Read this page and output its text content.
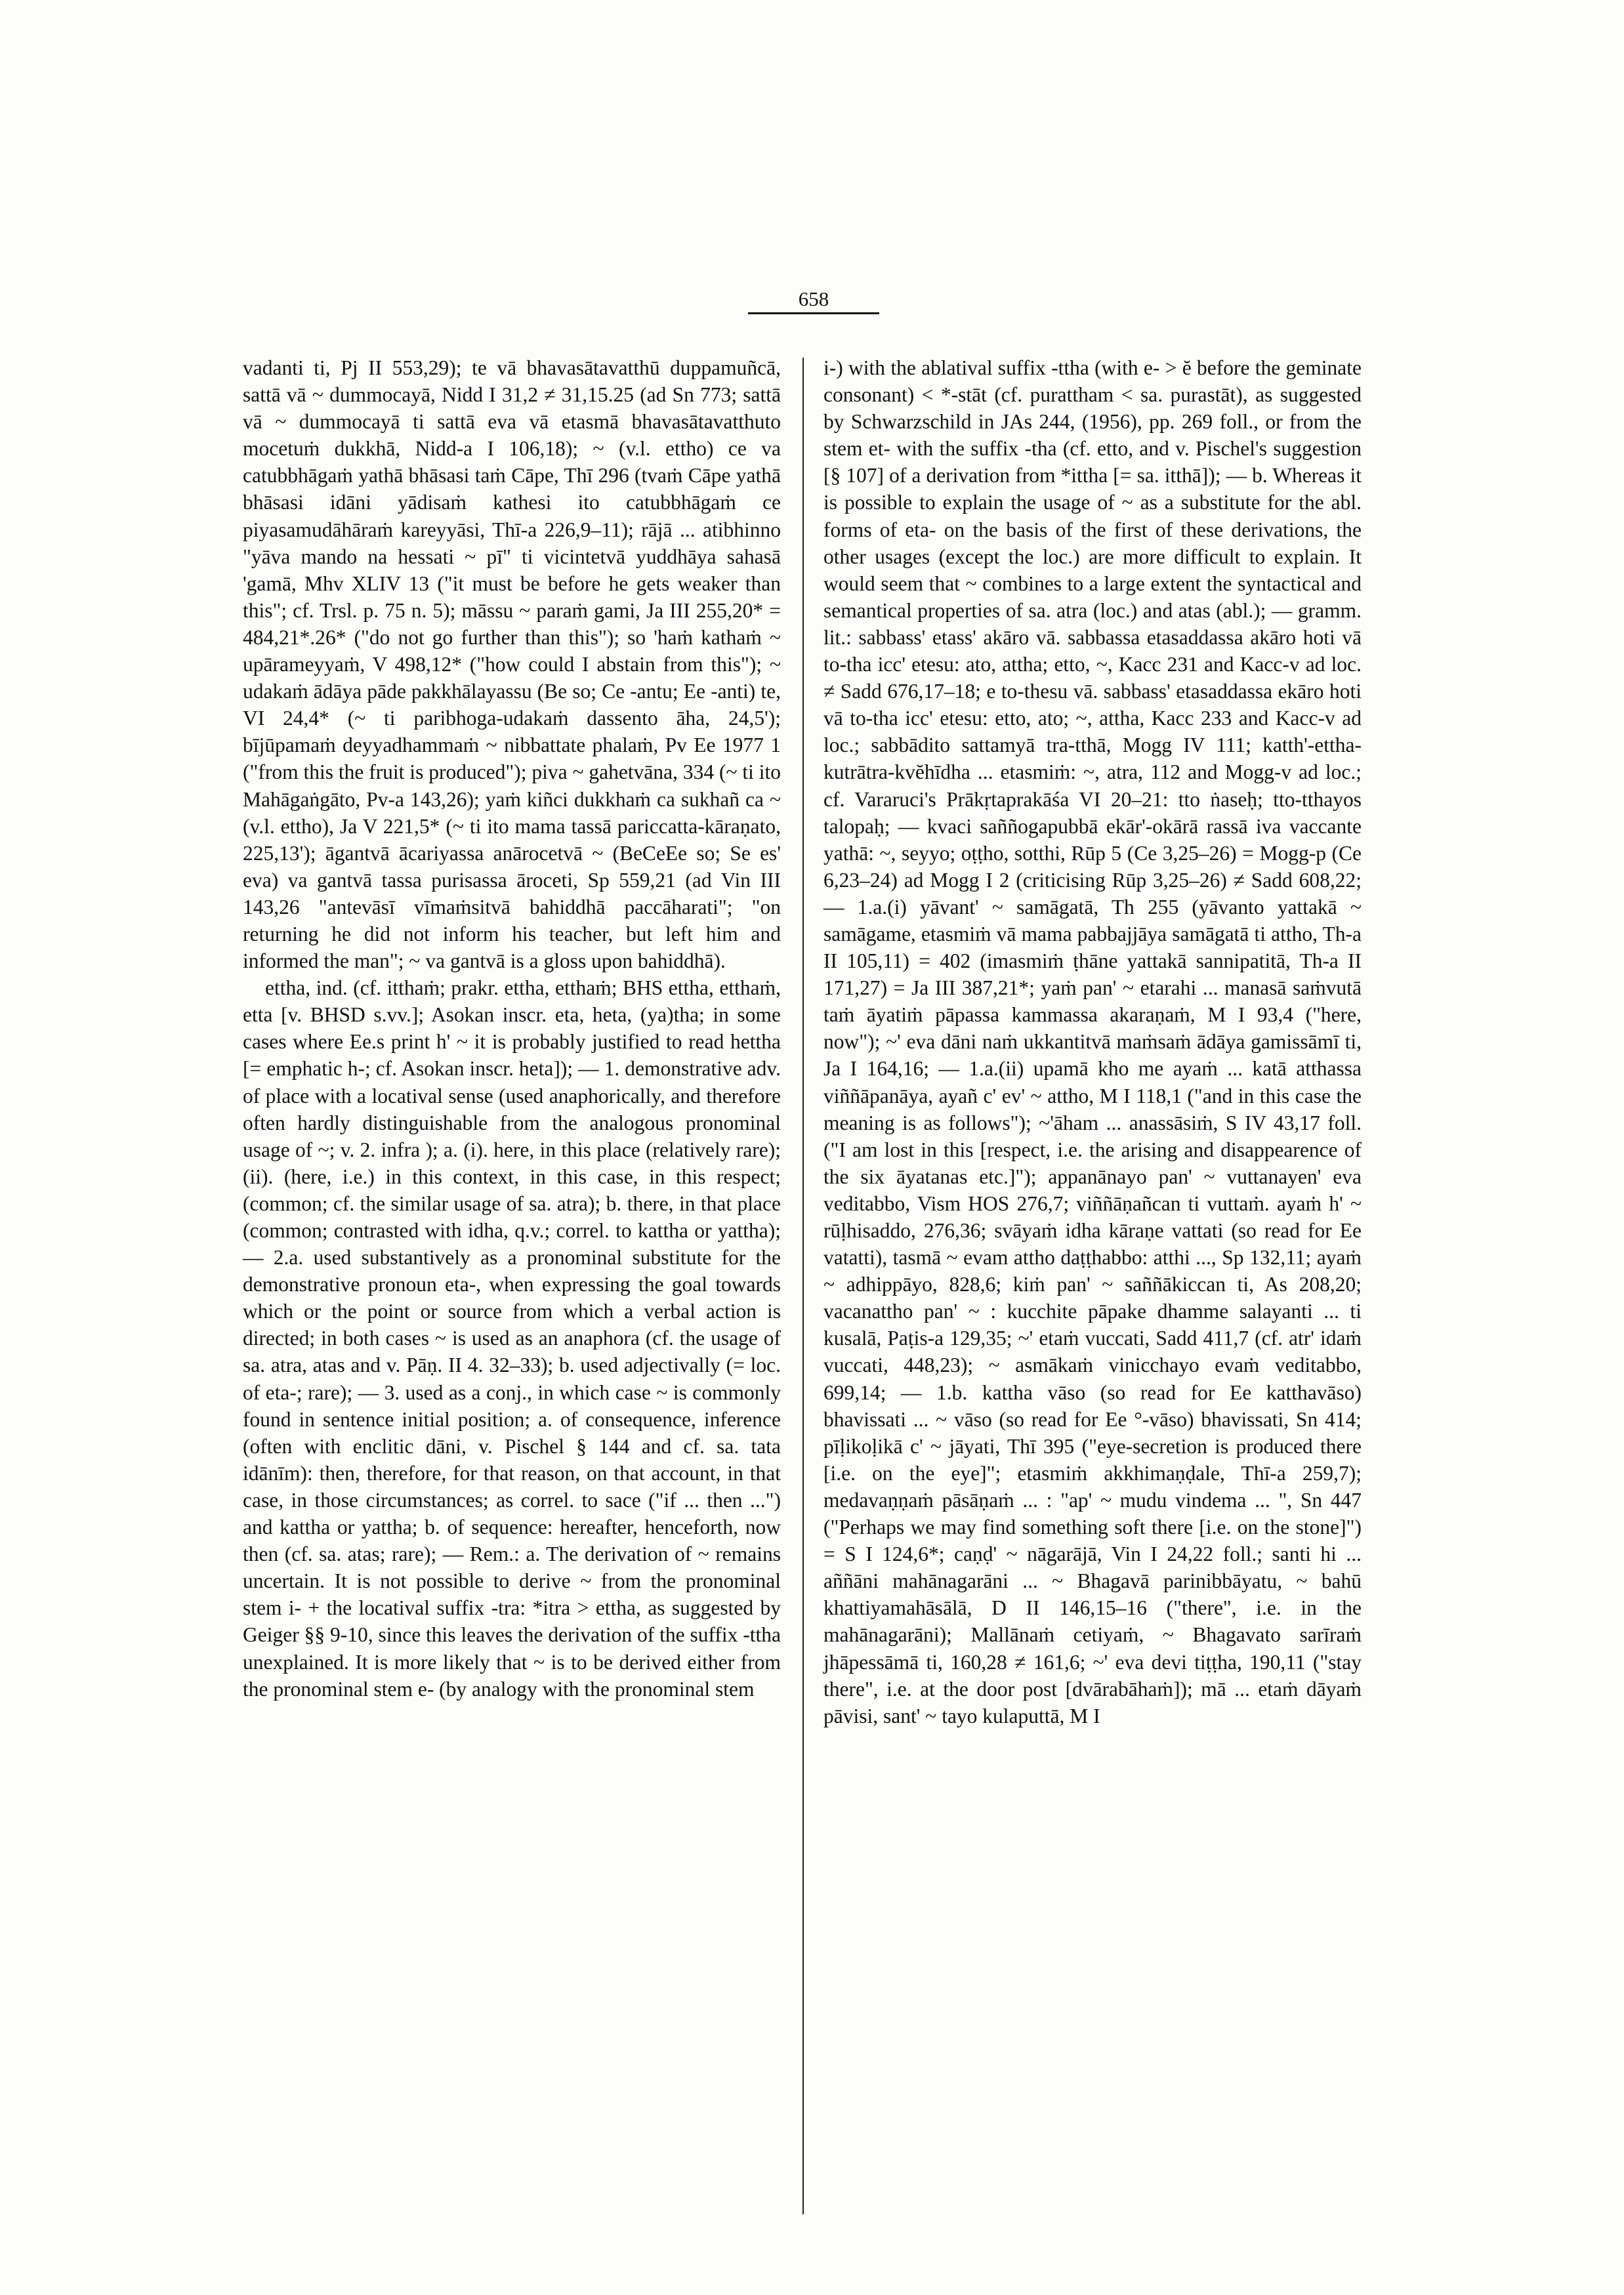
658

vadanti ti, Pj II 553,29); te vā bhavasātavatthū duppamuñcā, sattā vā ~ dummocayā, Nidd I 31,2 ≠ 31,15.25 (ad Sn 773; sattā vā ~ dummocayā ti sattā eva vā etasmā bhavasātavatthuto mocetuṁ dukkhā, Nidd-a I 106,18); ~ (v.l. ettho) ce va catubbhāgaṁ yathā bhāsasi taṁ Cāpe, Thī 296 (tvaṁ Cāpe yathā bhāsasi idāni yādisaṁ kathesi ito catubbhāgaṁ ce piyasamudāhāraṁ kareyyāsi, Thī-a 226,9–11); rājā ... atibhinno "yāva mando na hessati ~ pī" ti vicintetvā yuddhāya sahasā 'gamā, Mhv XLIV 13 ("it must be before he gets weaker than this"; cf. Trsl. p. 75 n. 5); māssu ~ paraṁ gami, Ja III 255,20* = 484,21*.26* ("do not go further than this"); so 'haṁ kathaṁ ~ upārameyyaṁ, V 498,12* ("how could I abstain from this"); ~ udakaṁ ādāya pāde pakkhālayassu (Be so; Ce -antu; Ee -anti) te, VI 24,4* (~ ti paribhoga-udakaṁ dassento āha, 24,5'); bījūpamaṁ deyyadhammaṁ ~ nibbattate phalaṁ, Pv Ee 1977 1 ("from this the fruit is produced"); piva ~ gahetvāna, 334 (~ ti ito Mahāgaṅgāto, Pv-a 143,26); yaṁ kiñci dukkhaṁ ca sukhañ ca ~ (v.l. ettho), Ja V 221,5* (~ ti ito mama tassā pariccatta-kāraṇato, 225,13'); āgantvā ācariyassa anārocetvā ~ (BeCeEe so; Se es' eva) va gantvā tassa purisassa āroceti, Sp 559,21 (ad Vin III 143,26 "antevāsī vīmaṁsitvā bahiddhā paccāharati"; "on returning he did not inform his teacher, but left him and informed the man"; ~ va gantvā is a gloss upon bahiddhā).

ettha, ind. (cf. itthaṁ; prakr. ettha, etthaṁ; BHS ettha, etthaṁ, etta [v. BHSD s.vv.]; Asokan inscr. eta, heta, (ya)tha; in some cases where Ee.s print h' ~ it is probably justified to read hettha [= emphatic h-; cf. Asokan inscr. heta]); — 1. demonstrative adv. of place with a locatival sense (used anaphorically, and therefore often hardly distinguishable from the analogous pronominal usage of ~; v. 2. infra ); a. (i). here, in this place (relatively rare); (ii). (here, i.e.) in this context, in this case, in this respect; (common; cf. the similar usage of sa. atra); b. there, in that place (common; contrasted with idha, q.v.; correl. to kattha or yattha); — 2.a. used substantively as a pronominal substitute for the demonstrative pronoun eta-, when expressing the goal towards which or the point or source from which a verbal action is directed; in both cases ~ is used as an anaphora (cf. the usage of sa. atra, atas and v. Pāṇ. II 4. 32–33); b. used adjectivally (= loc. of eta-; rare); — 3. used as a conj., in which case ~ is commonly found in sentence initial position; a. of consequence, inference (often with enclitic dāni, v. Pischel § 144 and cf. sa. tata idānīm): then, therefore, for that reason, on that account, in that case, in those circumstances; as correl. to sace ("if ... then ...") and kattha or yattha; b. of sequence: hereafter, henceforth, now then (cf. sa. atas; rare); — Rem.: a. The derivation of ~ remains uncertain. It is not possible to derive ~ from the pronominal stem i- + the locatival suffix -tra: *itra > ettha, as suggested by Geiger §§ 9-10, since this leaves the derivation of the suffix -ttha unexplained. It is more likely that ~ is to be derived either from the pronominal stem e- (by analogy with the pronominal stem

i-) with the ablatival suffix -ttha (with e- > ĕ before the geminate consonant) < *-stāt (cf. purattham < sa. purastāt), as suggested by Schwarzschild in JAs 244, (1956), pp. 269 foll., or from the stem et- with the suffix -tha (cf. etto, and v. Pischel's suggestion [§ 107] of a derivation from *ittha [= sa. itthā]); — b. Whereas it is possible to explain the usage of ~ as a substitute for the abl. forms of eta- on the basis of the first of these derivations, the other usages (except the loc.) are more difficult to explain. It would seem that ~ combines to a large extent the syntactical and semantical properties of sa. atra (loc.) and atas (abl.); — gramm. lit.: sabbass' etass' akāro vā. sabbassa etasaddassa akāro hoti vā to-tha icc' etesu: ato, attha; etto, ~, Kacc 231 and Kacc-v ad loc. ≠ Sadd 676,17–18; e to-thesu vā. sabbass' etasaddassa ekāro hoti vā to-tha icc' etesu: etto, ato; ~, attha, Kacc 233 and Kacc-v ad loc.; sabbādito sattamyā tra-tthā, Mogg IV 111; katth'-ettha-kutrātra-kvĕhīdha ... etasmiṁ: ~, atra, 112 and Mogg-v ad loc.; cf. Vararuci's Prākṛtaprakāśa VI 20–21: tto ṅaseḥ; tto-tthayos talopaḥ; — kvaci saññogapubbā ekār'-okārā rassā iva vaccante yathā: ~, seyyo; oṭṭho, sotthi, Rūp 5 (Ce 3,25–26) = Mogg-p (Ce 6,23–24) ad Mogg I 2 (criticising Rūp 3,25–26) ≠ Sadd 608,22; — 1.a.(i) yāvant' ~ samāgatā, Th 255 (yāvanto yattakā ~ samāgame, etasmiṁ vā mama pabbajjāya samāgatā ti attho, Th-a II 105,11) = 402 (imasmiṁ ṭhāne yattakā sannipatitā, Th-a II 171,27) = Ja III 387,21*; yaṁ pan' ~ etarahi ... manasā saṁvutā taṁ āyatiṁ pāpassa kammassa akaraṇaṁ, M I 93,4 ("here, now"); ~' eva dāni naṁ ukkantitvā maṁsaṁ ādāya gamissāmī ti, Ja I 164,16; — 1.a.(ii) upamā kho me ayaṁ ... katā atthassa viññāpanāya, ayañ c' ev' ~ attho, M I 118,1 ("and in this case the meaning is as follows"); ~'āham ... anassāsiṁ, S IV 43,17 foll. ("I am lost in this [respect, i.e. the arising and disappearence of the six āyatanas etc.]"); appanānayo pan' ~ vuttanayen' eva veditabbo, Vism HOS 276,7; viññāṇañcan ti vuttaṁ. ayaṁ h' ~ rūḷhisaddo, 276,36; svāyaṁ idha kāraṇe vattati (so read for Ee vatatti), tasmā ~ evam attho daṭṭhabbo: atthi ..., Sp 132,11; ayaṁ ~ adhippāyo, 828,6; kiṁ pan' ~ saññākiccan ti, As 208,20; vacanattho pan' ~ : kucchite pāpake dhamme salayanti ... ti kusalā, Paṭis-a 129,35; ~' etaṁ vuccati, Sadd 411,7 (cf. atr' idaṁ vuccati, 448,23); ~ asmākaṁ vinicchayo evaṁ veditabbo, 699,14; — 1.b. kattha vāso (so read for Ee katthavāso) bhavissati ... ~ vāso (so read for Ee °-vāso) bhavissati, Sn 414; pīḷikoḷikā c' ~ jāyati, Thī 395 ("eye-secretion is produced there [i.e. on the eye]"; etasmiṁ akkhimaṇḍale, Thī-a 259,7); medavaṇṇaṁ pāsāṇaṁ ... : "ap' ~ mudu vindema ... ", Sn 447 ("Perhaps we may find something soft there [i.e. on the stone]") = S I 124,6*; caṇḍ' ~ nāgarājā, Vin I 24,22 foll.; santi hi ... aññāni mahānagarāni ... ~ Bhagavā parinibbāyatu, ~ bahū khattiyamahāsālā, D II 146,15–16 ("there", i.e. in the mahānagarāni); Mallānaṁ cetiyaṁ, ~ Bhagavato sarīraṁ jhāpessāmā ti, 160,28 ≠ 161,6; ~' eva devi tiṭṭha, 190,11 ("stay there", i.e. at the door post [dvārabāhaṁ]); mā ... etaṁ dāyaṁ pāvisi, sant' ~ tayo kulaputtā, M I
